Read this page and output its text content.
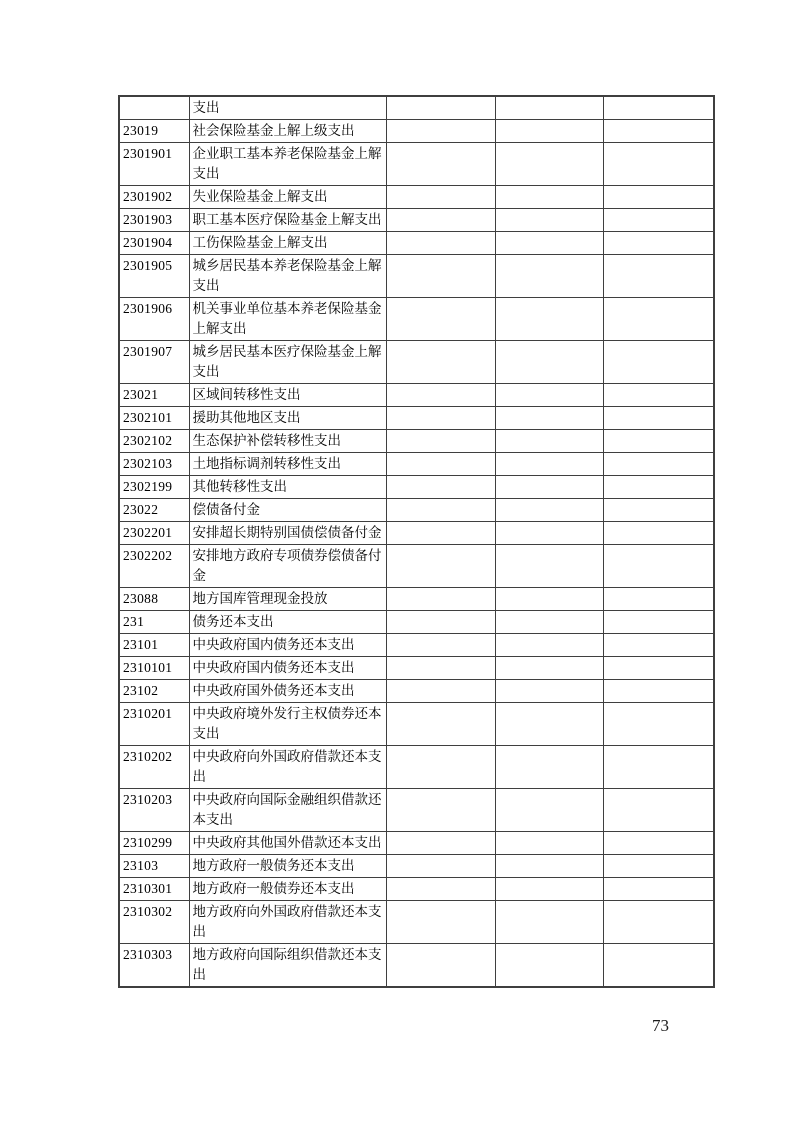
	支出			
23019	社会保险基金上解上级支出			
2301901	企业职工基本养老保险基金上解支出			
2301902	失业保险基金上解支出			
2301903	职工基本医疗保险基金上解支出			
2301904	工伤保险基金上解支出			
2301905	城乡居民基本养老保险基金上解支出			
2301906	机关事业单位基本养老保险基金上解支出			
2301907	城乡居民基本医疗保险基金上解支出			
23021	区域间转移性支出			
2302101	援助其他地区支出			
2302102	生态保护补偿转移性支出			
2302103	土地指标调剂转移性支出			
2302199	其他转移性支出			
23022	偿债备付金			
2302201	安排超长期特别国债偿债备付金			
2302202	安排地方政府专项债券偿债备付金			
23088	地方国库管理现金投放			
231	债务还本支出			
23101	中央政府国内债务还本支出			
2310101	中央政府国内债务还本支出			
23102	中央政府国外债务还本支出			
2310201	中央政府境外发行主权债券还本支出			
2310202	中央政府向外国政府借款还本支出			
2310203	中央政府向国际金融组织借款还本支出			
2310299	中央政府其他国外借款还本支出			
23103	地方政府一般债务还本支出			
2310301	地方政府一般债券还本支出			
2310302	地方政府向外国政府借款还本支出			
2310303	地方政府向国际组织借款还本支出			
73
